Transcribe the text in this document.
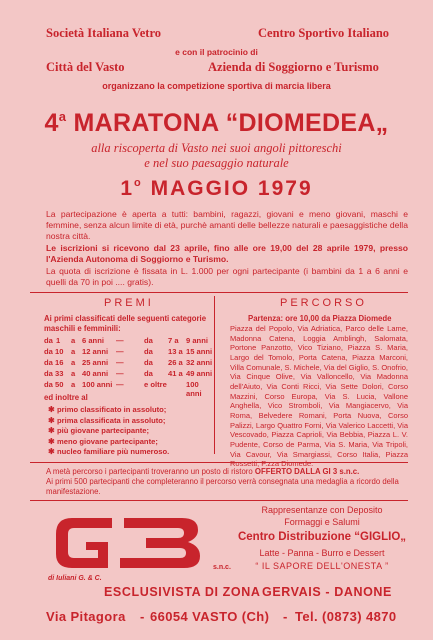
Società Italiana Vetro	Centro Sportivo Italiano
e con il patrocinio di
Città del Vasto	Azienda di Soggiorno e Turismo
organizzano la competizione sportiva di marcia libera
4$^a$ MARATONA “DIOMEDEA„
alla riscoperta di Vasto nei suoi angoli pittoreschi
e nel suo paesaggio naturale
1$^o$ MAGGIO 1979
La partecipazione è aperta a tutti: bambini, ragazzi, giovani e meno giovani, maschi e femmine, senza alcun limite di età, purchè amanti delle bellezze naturali e paesaggistiche della nostra città.
Le iscrizioni si ricevono dal 23 aprile, fino alle ore 19,00 del 28 aprile 1979, presso l'Azienda Autonoma di Soggiorno e Turismo.
La quota di iscrizione è fissata in L. 1.000 per ogni partecipante (i bambini da 1 a 6 anni e quelli da 70 in poi .... gratis).
PREMI
Ai primi classificati delle seguenti categorie maschili e femminili:
da 1 a 6 anni —	da 7 a 9 anni
da 10 a 12 anni —	da 13 a 15 anni
da 16 a 25 anni —	da 26 a 32 anni
da 33 a 40 anni —	da 41 a 49 anni
da 50 a 100 anni —	e oltre	100 anni
ed inoltre al
✱ primo classificato in assoluto;
✱ prima classificata in assoluto;
✱ più giovane partecipante;
✱ meno giovane partecipante;
✱ nucleo familiare più numeroso.
PERCORSO
Partenza: ore 10,00 da Piazza Diomede
Piazza del Popolo, Via Adriatica, Parco delle Lame, Madonna Catena, Loggia Amblingh, Salomata, Portone Panzotto, Vico Tiziano, Piazza S. Maria, Largo del Tomolo, Porta Catena, Piazza Marconi, Villa Comunale, S. Michele, Via del Giglio, S. Onofrio, Via Cinque Olive, Via Valloncello, Via Madonna dell'Aiuto, Via Conti Ricci, Via Sette Dolori, Corso Mazzini, Corso Europa, Via S. Lucia, Vallone Anghella, Vico Stromboli, Via Mangiacervo, Via Roma, Belvedere Romani, Porta Nuova, Corso Palizzi, Largo Quattro Forni, Via Valerico Laccetti, Via Vescovado, Piazza Caprioli, Via Bebbia, Piazza L. V. Pudente, Corso de Parma, Via S. Maria, Via Tripoli, Via Cavour, Via Smargiassi, Corso Italia, Piazza Rossetti, P.zza Diomede.
A metà percorso i partecipanti troveranno un posto di ristoro OFFERTO DALLA GI 3 s.n.c.
Ai primi 500 partecipanti che completeranno il percorso verrà consegnata una medaglia a ricordo della manifestazione.
s.n.c.
di Iuliani G. & C.
Rappresentanze con Deposito
Formaggi e Salumi
Centro Distribuzione “GIGLIO„
Latte - Panna - Burro e Dessert
“ IL SAPORE DELL'ONESTA ”
ESCLUSIVISTA DI ZONA GERVAIS - DANONE
Via Pitagora - 66054 VASTO (Ch) - Tel. (0873) 4870
